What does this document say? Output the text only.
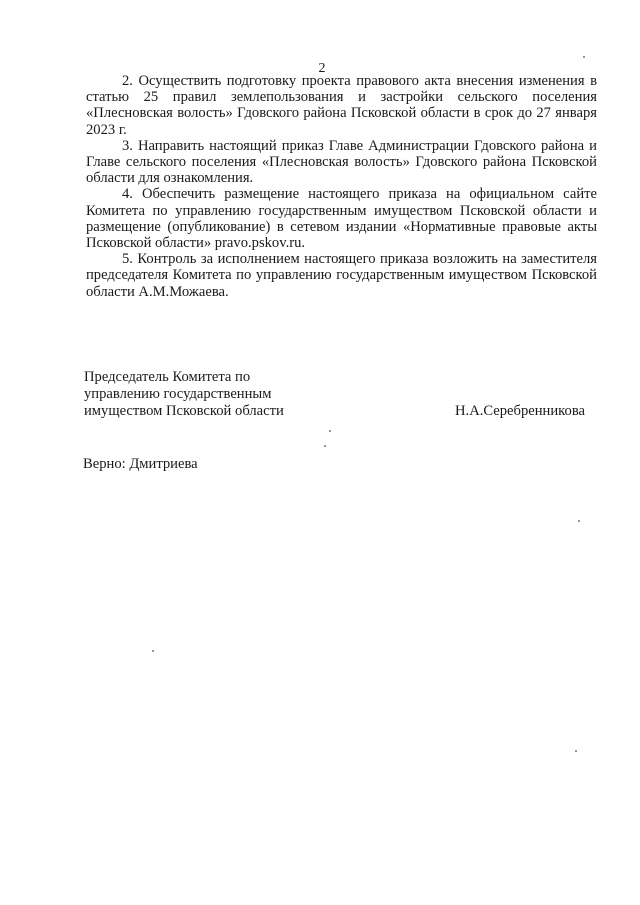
2

2. Осуществить подготовку проекта правового акта внесения изменения в статью 25 правил землепользования и застройки сельского поселения «Плесновская волость» Гдовского района Псковской области в срок до 27 января 2023 г.

3. Направить настоящий приказ Главе Администрации Гдовского района и Главе сельского поселения «Плесновская волость» Гдовского района Псковской области для ознакомления.

4. Обеспечить размещение настоящего приказа на официальном сайте Комитета по управлению государственным имуществом Псковской области и размещение (опубликование) в сетевом издании «Нормативные правовые акты Псковской области» pravo.pskov.ru.

5. Контроль за исполнением настоящего приказа возложить на заместителя председателя Комитета по управлению государственным имуществом Псковской области А.М.Можаева.

Председатель Комитета по
управлению государственным
имуществом Псковской области	Н.А.Серебренникова
Верно: Дмитриева
